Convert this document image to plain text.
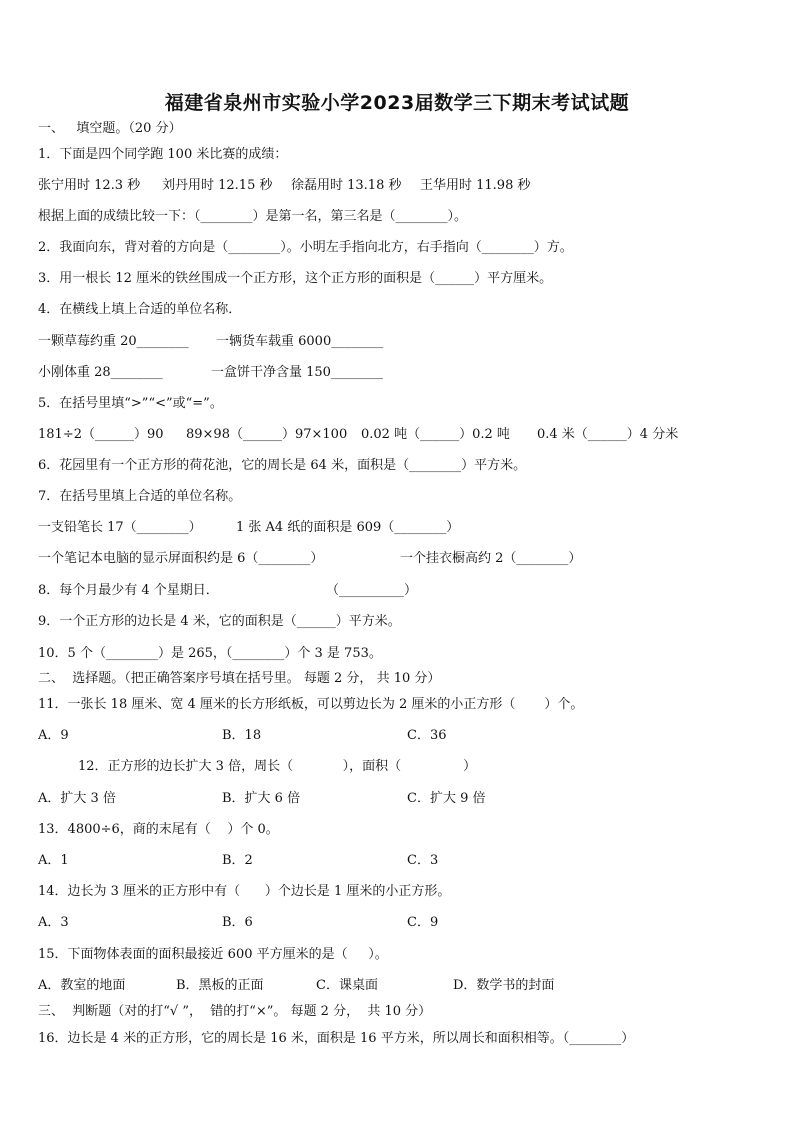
福建省泉州市实验小学2023届数学三下期末考试试题
一、   填空题。（20 分）
1．下面是四个同学跑 100 米比赛的成绩：
张宁用时 12.3 秒 刘丹用时 12.15 秒 徐磊用时 13.18 秒 王华用时 11.98 秒
根据上面的成绩比较一下：（________）是第一名，第三名是（________）。
2．我面向东，背对着的方向是（________）。小明左手指向北方，右手指向（________）方。
3．用一根长 12 厘米的铁丝围成一个正方形，这个正方形的面积是（______）平方厘米。
4．在横线上填上合适的单位名称．
一颗草莓约重 20________ 一辆货车载重 6000________
小刚体重 28________	一盒饼干净含量 150________
5．在括号里填“>”“<”或“=”。
181÷2（______）90 89×98（______）97×100 0.02 吨（______）0.2 吨 0.4 米（______）4 分米
6．花园里有一个正方形的荷花池，它的周长是 64 米，面积是（________）平方米。
7．在括号里填上合适的单位名称。
一支铅笔长 17（________）	1 张 A4 纸的面积是 609（________）
一个笔记本电脑的显示屏面积约是 6（________）	一个挂衣橱高约 2（________）
8．每个月最少有 4 个星期日．	（__________）
9．一个正方形的边长是 4 米，它的面积是（______）平方米。
10．5 个（________）是 265，（________）个 3 是 753。
二、  选择题。（把正确答案序号填在括号里。 每题 2 分， 共 10 分）
11．一张长 18 厘米、宽 4 厘米的长方形纸板，可以剪边长为 2 厘米的小正方形（       ）个。
A．9	B．18	C．36
12．正方形的边长扩大 3 倍，周长（            ），面积（               ）
A．扩大 3 倍	B．扩大 6 倍	C．扩大 9 倍
13．4800÷6，商的末尾有（    ）个 0。
A．1	B．2	C．3
14．边长为 3 厘米的正方形中有（      ）个边长是 1 厘米的小正方形。
A．3	B．6	C．9
15．下面物体表面的面积最接近 600 平方厘米的是（     ）。
A．教室的地面	B．黑板的正面	C．课桌面	D．数学书的封面
三、  判断题（对的打“√ ”，  错的打“×”。 每题 2 分，  共 10 分）
16．边长是 4 米的正方形，它的周长是 16 米，面积是 16 平方米，所以周长和面积相等。（________）
